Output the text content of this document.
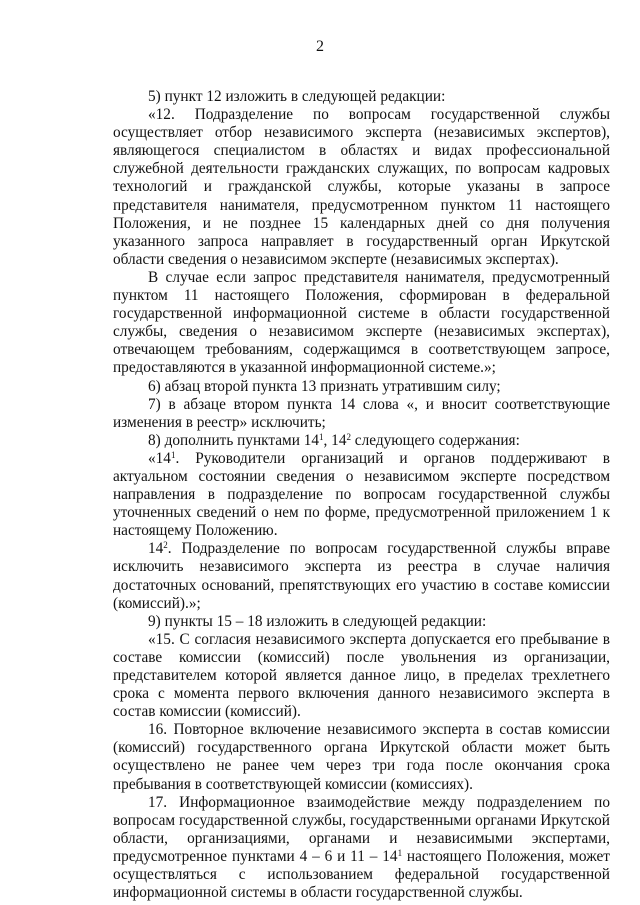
2

5) пункт 12 изложить в следующей редакции:

«12. Подразделение по вопросам государственной службы осуществляет отбор независимого эксперта (независимых экспертов), являющегося специалистом в областях и видах профессиональной служебной деятельности гражданских служащих, по вопросам кадровых технологий и гражданской службы, которые указаны в запросе представителя нанимателя, предусмотренном пунктом 11 настоящего Положения, и не позднее 15 календарных дней со дня получения указанного запроса направляет в государственный орган Иркутской области сведения о независимом эксперте (независимых экспертах).

В случае если запрос представителя нанимателя, предусмотренный пунктом 11 настоящего Положения, сформирован в федеральной государственной информационной системе в области государственной службы, сведения о независимом эксперте (независимых экспертах), отвечающем требованиям, содержащимся в соответствующем запросе, предоставляются в указанной информационной системе.»;

6) абзац второй пункта 13 признать утратившим силу;

7) в абзаце втором пункта 14 слова «, и вносит соответствующие изменения в реестр» исключить;

8) дополнить пунктами $14^1$, $14^2$ следующего содержания:

«$14^1$. Руководители организаций и органов поддерживают в актуальном состоянии сведения о независимом эксперте посредством направления в подразделение по вопросам государственной службы уточненных сведений о нем по форме, предусмотренной приложением 1 к настоящему Положению.

$14^2$. Подразделение по вопросам государственной службы вправе исключить независимого эксперта из реестра в случае наличия достаточных оснований, препятствующих его участию в составе комиссии (комиссий).»;

9) пункты 15 – 18 изложить в следующей редакции:

«15. С согласия независимого эксперта допускается его пребывание в составе комиссии (комиссий) после увольнения из организации, представителем которой является данное лицо, в пределах трехлетнего срока с момента первого включения данного независимого эксперта в состав комиссии (комиссий).

16. Повторное включение независимого эксперта в состав комиссии (комиссий) государственного органа Иркутской области может быть осуществлено не ранее чем через три года после окончания срока пребывания в соответствующей комиссии (комиссиях).

17. Информационное взаимодействие между подразделением по вопросам государственной службы, государственными органами Иркутской области, организациями, органами и независимыми экспертами, предусмотренное пунктами 4 – 6 и $11 - 14^1$ настоящего Положения, может осуществляться с использованием федеральной государственной информационной системы в области государственной службы.
